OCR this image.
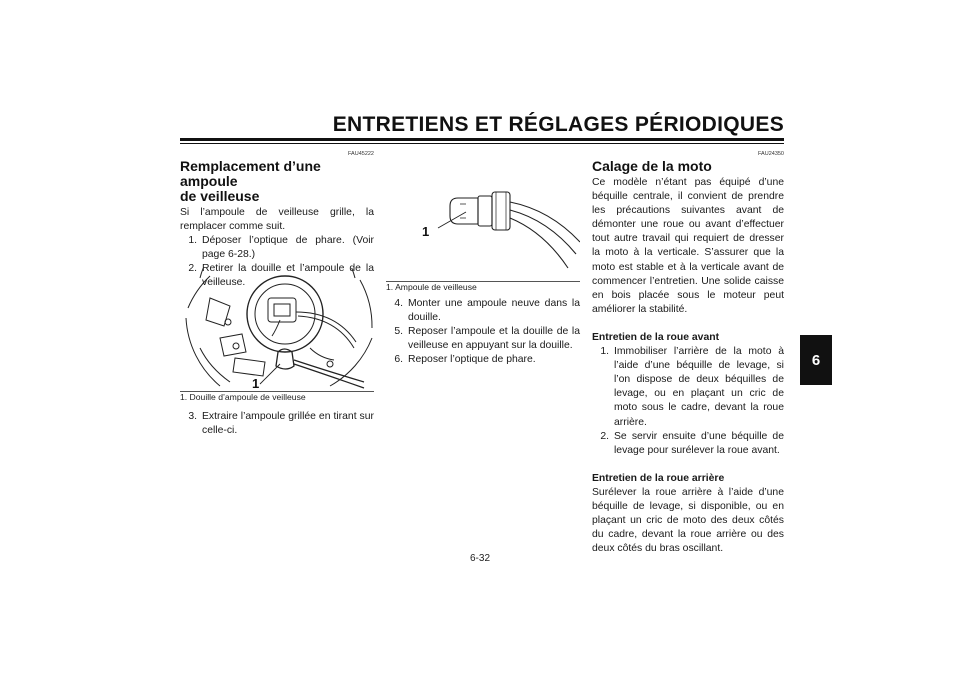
ENTRETIENS ET RÉGLAGES PÉRIODIQUES
6
FAU45222
Remplacement d’une ampoule
de veilleuse

Si l’ampoule de veilleuse grille, la remplacer comme suit.

1. Déposer l’optique de phare. (Voir page 6-28.)
2. Retirer la douille et l’ampoule de la veilleuse.
1
1. Douille d’ampoule de veilleuse
3. Extraire l’ampoule grillée en tirant sur celle-ci.
1
1. Ampoule de veilleuse
4. Monter une ampoule neuve dans la douille.
5. Reposer l’ampoule et la douille de la veilleuse en appuyant sur la douille.
6. Reposer l’optique de phare.
FAU24350
Calage de la moto

Ce modèle n’étant pas équipé d’une béquille centrale, il convient de prendre les précautions suivantes avant de démonter une roue ou avant d’effectuer tout autre travail qui requiert de dresser la moto à la verticale. S’assurer que la moto est stable et à la verticale avant de commencer l’entretien. Une solide caisse en bois placée sous le moteur peut améliorer la stabilité.

Entretien de la roue avant

1. Immobiliser l’arrière de la moto à l’aide d’une béquille de levage, si l’on dispose de deux béquilles de levage, ou en plaçant un cric de moto sous le cadre, devant la roue arrière.
2. Se servir ensuite d’une béquille de levage pour surélever la roue avant.

Entretien de la roue arrière

Surélever la roue arrière à l’aide d’une béquille de levage, si disponible, ou en plaçant un cric de moto des deux côtés du cadre, devant la roue arrière ou des deux côtés du bras oscillant.

6-32
